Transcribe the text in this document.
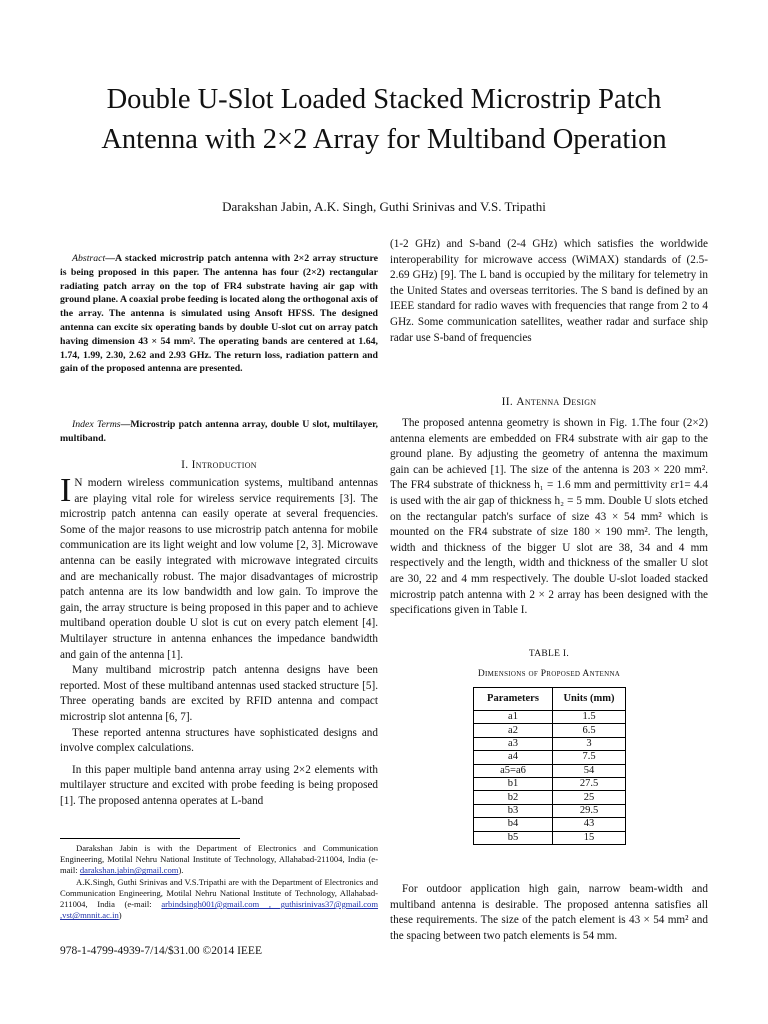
Double U-Slot Loaded Stacked Microstrip Patch Antenna with 2×2 Array for Multiband Operation
Darakshan Jabin, A.K. Singh, Guthi Srinivas and V.S. Tripathi

Abstract—A stacked microstrip patch antenna with 2×2 array structure is being proposed in this paper. The antenna has four (2×2) rectangular radiating patch array on the top of FR4 substrate having air gap with ground plane. A coaxial probe feeding is located along the orthogonal axis of the array. The antenna is simulated using Ansoft HFSS. The designed antenna can excite six operating bands by double U-slot cut on array patch having dimension 43 × 54 mm². The operating bands are centered at 1.64, 1.74, 1.99, 2.30, 2.62 and 2.93 GHz. The return loss, radiation pattern and gain of the proposed antenna are presented.

Index Terms—Microstrip patch antenna array, double U slot, multilayer, multiband.

I. Introduction

I N modern wireless communication systems, multiband antennas are playing vital role for wireless service requirements [3]. The microstrip patch antenna can easily operate at several frequencies. Some of the major reasons to use microstrip patch antenna for mobile communication are its light weight and low volume [2, 3]. Microwave antenna can be easily integrated with microwave integrated circuits and are mechanically robust. The major disadvantages of microstrip patch antenna are its low bandwidth and low gain. To improve the gain, the array structure is being proposed in this paper and to achieve multiband operation double U slot is cut on every patch element [4]. Multilayer structure in antenna enhances the impedance bandwidth and gain of the antenna [1].

Many multiband microstrip patch antenna designs have been reported. Most of these multiband antennas used stacked structure [5]. Three operating bands are excited by RFID antenna and compact microstrip slot antenna [6, 7].

These reported antenna structures have sophisticated designs and involve complex calculations.

In this paper multiple band antenna array using 2×2 elements with multilayer structure and excited with probe feeding is being proposed [1]. The proposed antenna operates at L-band

Darakshan Jabin is with the Department of Electronics and Communication Engineering, Motilal Nehru National Institute of Technology, Allahabad-211004, India (e-mail: darakshan.jabin@gmail.com).
A.K.Singh, Guthi Srinivas and V.S.Tripathi are with the Department of Electronics and Communication Engineering, Motilal Nehru National Institute of Technology, Allahabad-211004, India (e-mail: arbindsingh001@gmail.com , guthisrinivas37@gmail.com ,vst@mnnit.ac.in)
978-1-4799-4939-7/14/$31.00 ©2014 IEEE

(1-2 GHz) and S-band (2-4 GHz) which satisfies the worldwide interoperability for microwave access (WiMAX) standards of (2.5-2.69 GHz) [9]. The L band is occupied by the military for telemetry in the United States and overseas territories. The S band is defined by an IEEE standard for radio waves with frequencies that range from 2 to 4 GHz. Some communication satellites, weather radar and surface ship radar use S-band of frequencies

II. Antenna Design

The proposed antenna geometry is shown in Fig. 1.The four (2×2) antenna elements are embedded on FR4 substrate with air gap to the ground plane. By adjusting the geometry of antenna the maximum gain can be achieved [1]. The size of the antenna is 203 × 220 mm². The FR4 substrate of thickness h₁ = 1.6 mm and permittivity εr1= 4.4 is used with the air gap of thickness h₂ = 5 mm. Double U slots etched on the rectangular patch's surface of size 43 × 54 mm² which is mounted on the FR4 substrate of size 180 × 190 mm². The length, width and thickness of the bigger U slot are 38, 34 and 4 mm respectively and the length, width and thickness of the smaller U slot are 30, 22 and 4 mm respectively. The double U-slot loaded stacked microstrip patch antenna with 2 × 2 array has been designed with the specifications given in Table I.

TABLE I.
Dimensions of Proposed Antenna
Parameters	Units (mm)
a1	1.5
a2	6.5
a3	3
a4	7.5
a5=a6	54
b1	27.5
b2	25
b3	29.5
b4	43
b5	15

For outdoor application high gain, narrow beam-width and multiband antenna is desirable. The proposed antenna satisfies all these requirements. The size of the patch element is 43 × 54 mm² and the spacing between two patch elements is 54 mm.
